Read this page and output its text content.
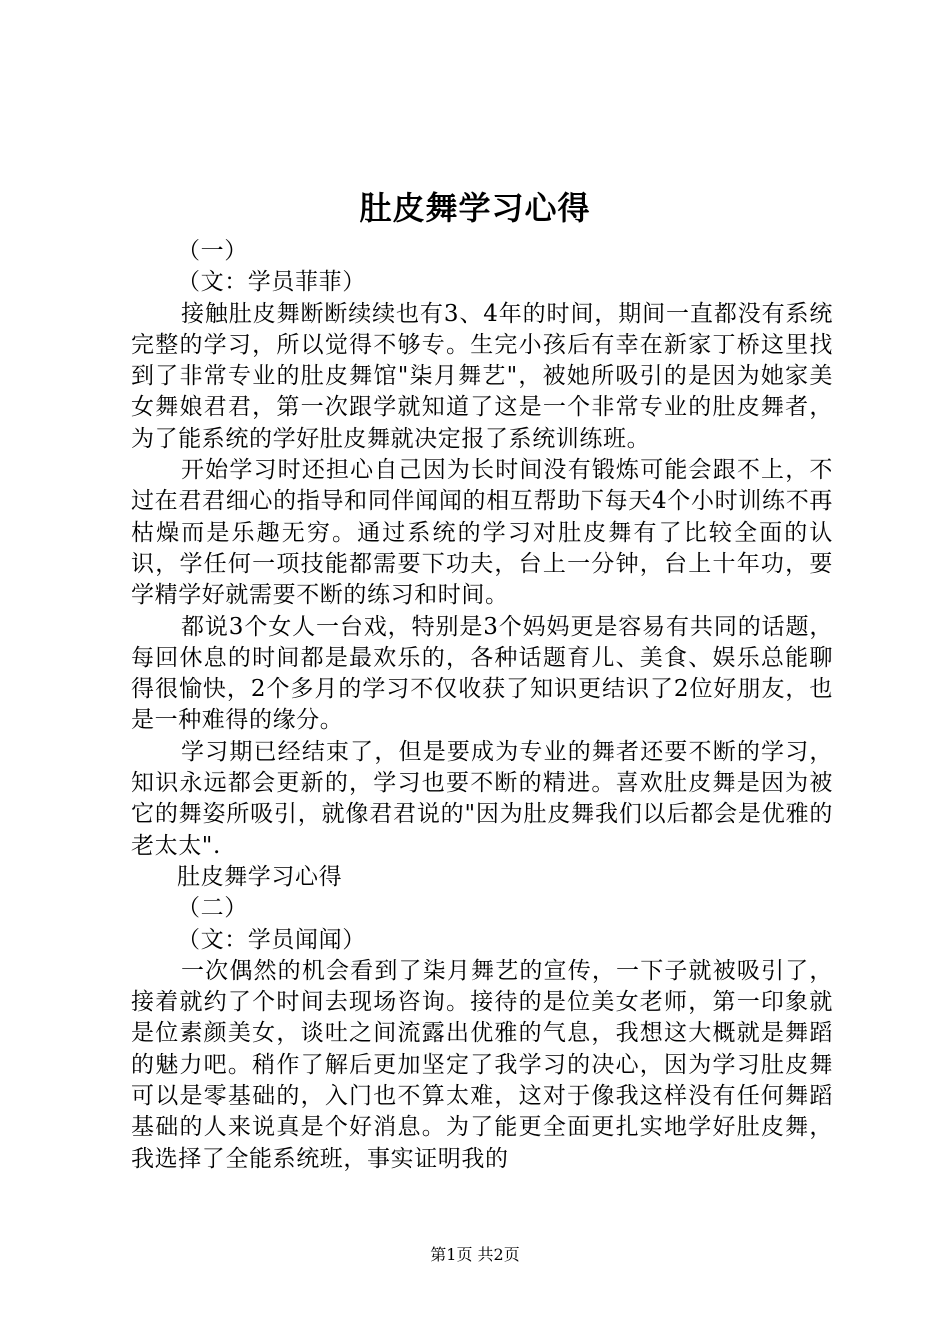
肚皮舞学习心得

（一）

（文：学员菲菲）

接触肚皮舞断断续续也有3、4年的时间，期间一直都没有系统完整的学习，所以觉得不够专。生完小孩后有幸在新家丁桥这里找到了非常专业的肚皮舞馆"柒月舞艺"，被她所吸引的是因为她家美女舞娘君君，第一次跟学就知道了这是一个非常专业的肚皮舞者，为了能系统的学好肚皮舞就决定报了系统训练班。

开始学习时还担心自己因为长时间没有锻炼可能会跟不上，不过在君君细心的指导和同伴闻闻的相互帮助下每天4个小时训练不再枯燥而是乐趣无穷。通过系统的学习对肚皮舞有了比较全面的认识，学任何一项技能都需要下功夫，台上一分钟，台上十年功，要学精学好就需要不断的练习和时间。

都说3个女人一台戏，特别是3个妈妈更是容易有共同的话题，每回休息的时间都是最欢乐的，各种话题育儿、美食、娱乐总能聊得很愉快，2个多月的学习不仅收获了知识更结识了2位好朋友，也是一种难得的缘分。

学习期已经结束了，但是要成为专业的舞者还要不断的学习，知识永远都会更新的，学习也要不断的精进。喜欢肚皮舞是因为被它的舞姿所吸引，就像君君说的"因为肚皮舞我们以后都会是优雅的老太太".

肚皮舞学习心得

（二）

（文：学员闻闻）

一次偶然的机会看到了柒月舞艺的宣传，一下子就被吸引了，接着就约了个时间去现场咨询。接待的是位美女老师，第一印象就是位素颜美女，谈吐之间流露出优雅的气息，我想这大概就是舞蹈的魅力吧。稍作了解后更加坚定了我学习的决心，因为学习肚皮舞可以是零基础的，入门也不算太难，这对于像我这样没有任何舞蹈基础的人来说真是个好消息。为了能更全面更扎实地学好肚皮舞，我选择了全能系统班，事实证明我的

第1页 共2页
